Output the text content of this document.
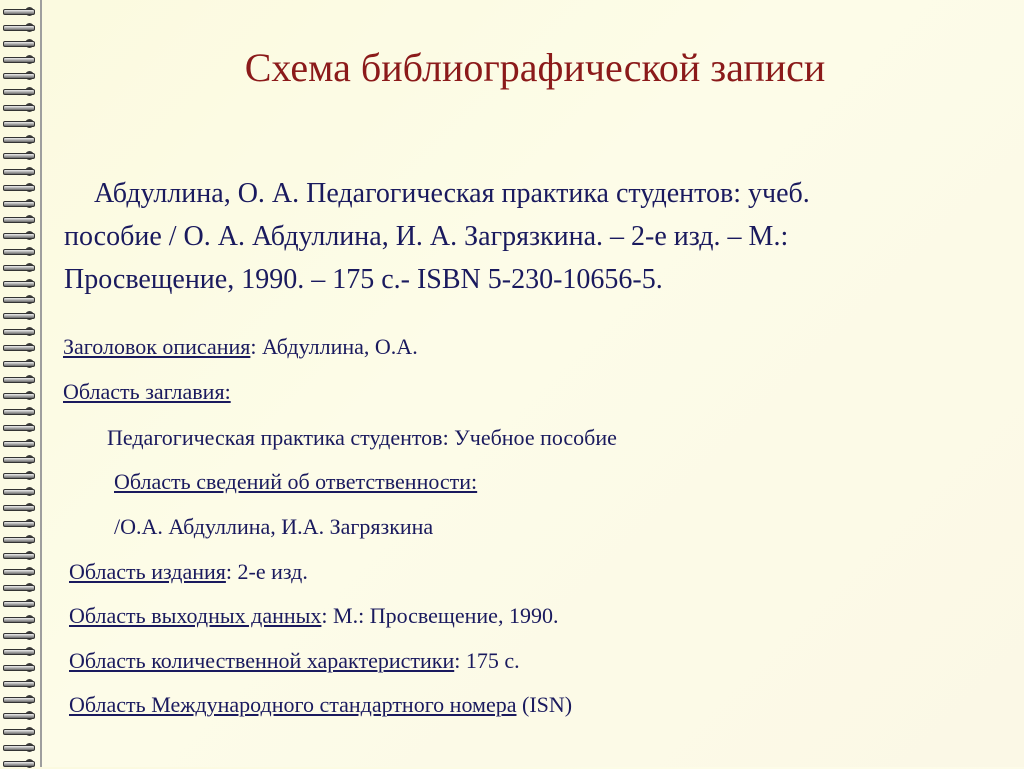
Схема библиографической записи
Абдуллина, О. А. Педагогическая практика студентов: учеб.
пособие / О. А. Абдуллина, И. А. Загрязкина. – 2-е изд. – М.:
Просвещение, 1990. – 175 с.- ISBN 5-230-10656-5.
Заголовок описания: Абдуллина, О.А.
Область заглавия:
Педагогическая практика студентов: Учебное пособие
Область сведений об ответственности:
/О.А. Абдуллина, И.А. Загрязкина
Область издания: 2-е изд.
Область выходных данных: М.: Просвещение, 1990.
Область количественной характеристики: 175 с.
Область Международного стандартного номера (ISN)
